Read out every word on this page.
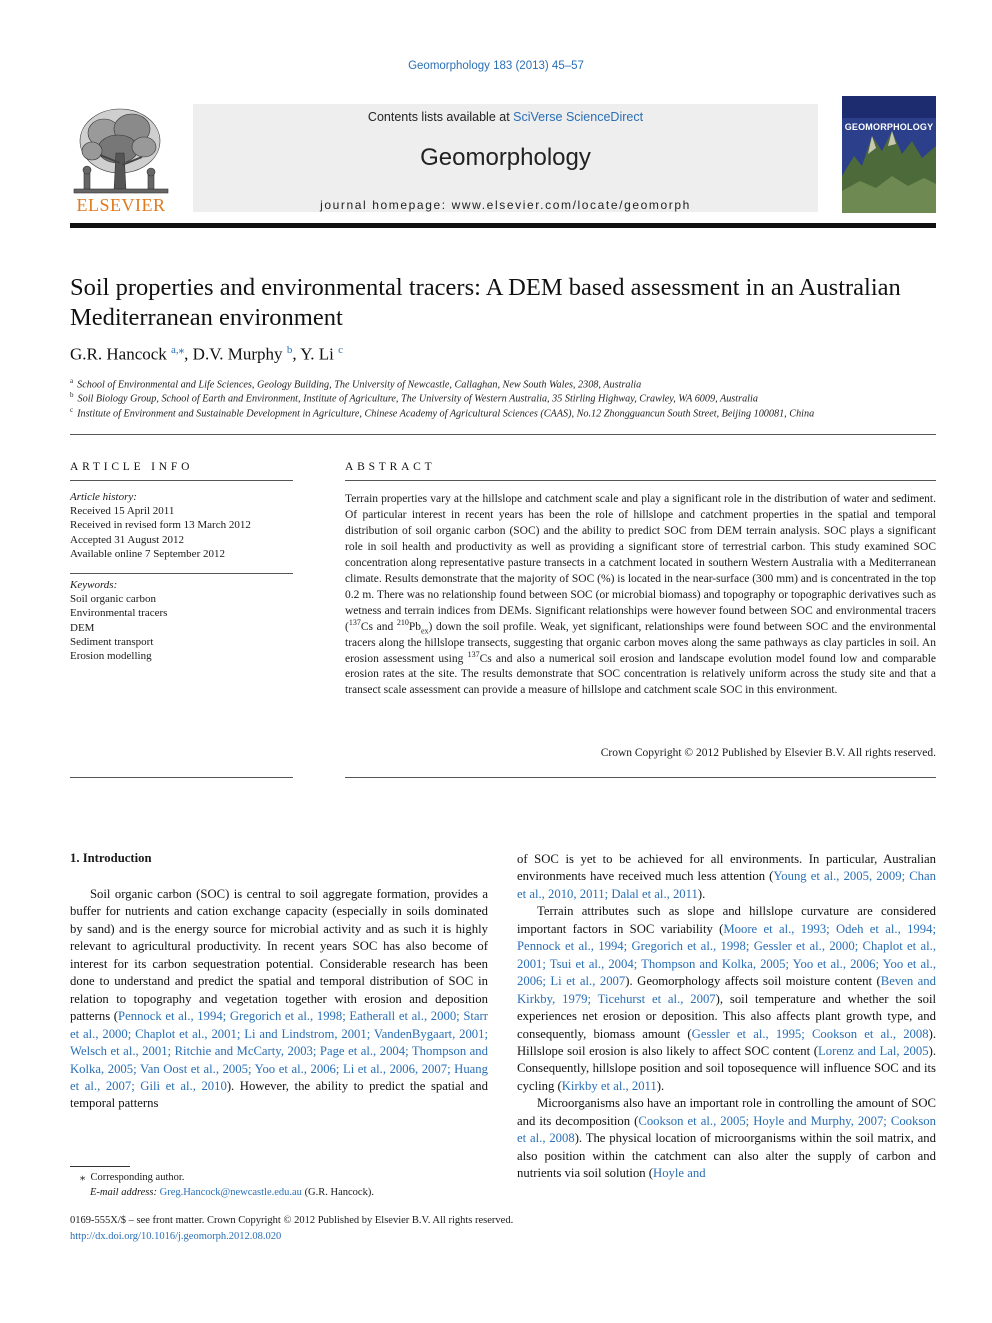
Geomorphology 183 (2013) 45–57
ELSEVIER
Contents lists available at SciVerse ScienceDirect
Geomorphology
journal homepage: www.elsevier.com/locate/geomorph
GEOMORPHOLOGY
Soil properties and environmental tracers: A DEM based assessment in an Australian Mediterranean environment
G.R. Hancock $^{a,⁎}$, D.V. Murphy $^b$, Y. Li $^c$
$^a$ School of Environmental and Life Sciences, Geology Building, The University of Newcastle, Callaghan, New South Wales, 2308, Australia
$^b$ Soil Biology Group, School of Earth and Environment, Institute of Agriculture, The University of Western Australia, 35 Stirling Highway, Crawley, WA 6009, Australia
$^c$ Institute of Environment and Sustainable Development in Agriculture, Chinese Academy of Agricultural Sciences (CAAS), No.12 Zhongguancun South Street, Beijing 100081, China
ARTICLE INFO	ABSTRACT
Article history:
Received 15 April 2011
Received in revised form 13 March 2012
Accepted 31 August 2012
Available online 7 September 2012
Keywords:
Soil organic carbon
Environmental tracers
DEM
Sediment transport
Erosion modelling
Terrain properties vary at the hillslope and catchment scale and play a significant role in the distribution of water and sediment. Of particular interest in recent years has been the role of hillslope and catchment properties in the spatial and temporal distribution of soil organic carbon (SOC) and the ability to predict SOC from DEM terrain analysis. SOC plays a significant role in soil health and productivity as well as providing a significant store of terrestrial carbon. This study examined SOC concentration along representative pasture transects in a catchment located in southern Western Australia with a Mediterranean climate. Results demonstrate that the majority of SOC (%) is located in the near-surface (300 mm) and is concentrated in the top 0.2 m. There was no relationship found between SOC (or microbial biomass) and topography or topographic derivatives such as wetness and terrain indices from DEMs. Significant relationships were however found between SOC and environmental tracers ($^{137}$Cs and $^{210}Pb_{ex}$) down the soil profile. Weak, yet significant, relationships were found between SOC and the environmental tracers along the hillslope transects, suggesting that organic carbon moves along the same pathways as clay particles in soil. An erosion assessment using $^{137}$Cs and also a numerical soil erosion and landscape evolution model found low and comparable erosion rates at the site. The results demonstrate that SOC concentration is relatively uniform across the study site and that a transect scale assessment can provide a measure of hillslope and catchment scale SOC in this environment.
Crown Copyright © 2012 Published by Elsevier B.V. All rights reserved.
1. Introduction

Soil organic carbon (SOC) is central to soil aggregate formation, provides a buffer for nutrients and cation exchange capacity (especially in soils dominated by sand) and is the energy source for microbial activity and as such it is highly relevant to agricultural productivity. In recent years SOC has also become of interest for its carbon sequestration potential. Considerable research has been done to understand and predict the spatial and temporal distribution of SOC in relation to topography and vegetation together with erosion and deposition patterns (Pennock et al., 1994; Gregorich et al., 1998; Eatherall et al., 2000; Starr et al., 2000; Chaplot et al., 2001; Li and Lindstrom, 2001; VandenBygaart, 2001; Welsch et al., 2001; Ritchie and McCarty, 2003; Page et al., 2004; Thompson and Kolka, 2005; Van Oost et al., 2005; Yoo et al., 2006; Li et al., 2006, 2007; Huang et al., 2007; Gili et al., 2010). However, the ability to predict the spatial and temporal patterns

of SOC is yet to be achieved for all environments. In particular, Australian environments have received much less attention (Young et al., 2005, 2009; Chan et al., 2010, 2011; Dalal et al., 2011).

Terrain attributes such as slope and hillslope curvature are considered important factors in SOC variability (Moore et al., 1993; Odeh et al., 1994; Pennock et al., 1994; Gregorich et al., 1998; Gessler et al., 2000; Chaplot et al., 2001; Tsui et al., 2004; Thompson and Kolka, 2005; Yoo et al., 2006; Yoo et al., 2006; Li et al., 2007). Geomorphology affects soil moisture content (Beven and Kirkby, 1979; Ticehurst et al., 2007), soil temperature and whether the soil experiences net erosion or deposition. This also affects plant growth type, and consequently, biomass amount (Gessler et al., 1995; Cookson et al., 2008). Hillslope soil erosion is also likely to affect SOC content (Lorenz and Lal, 2005). Consequently, hillslope position and soil toposequence will influence SOC and its cycling (Kirkby et al., 2011).

Microorganisms also have an important role in controlling the amount of SOC and its decomposition (Cookson et al., 2005; Hoyle and Murphy, 2007; Cookson et al., 2008). The physical location of microorganisms within the soil matrix, and also position within the catchment can also alter the supply of carbon and nutrients via soil solution (Hoyle and

⁎ Corresponding author.
E-mail address: Greg.Hancock@newcastle.edu.au (G.R. Hancock).
0169-555X/$ – see front matter. Crown Copyright © 2012 Published by Elsevier B.V. All rights reserved.
http://dx.doi.org/10.1016/j.geomorph.2012.08.020
